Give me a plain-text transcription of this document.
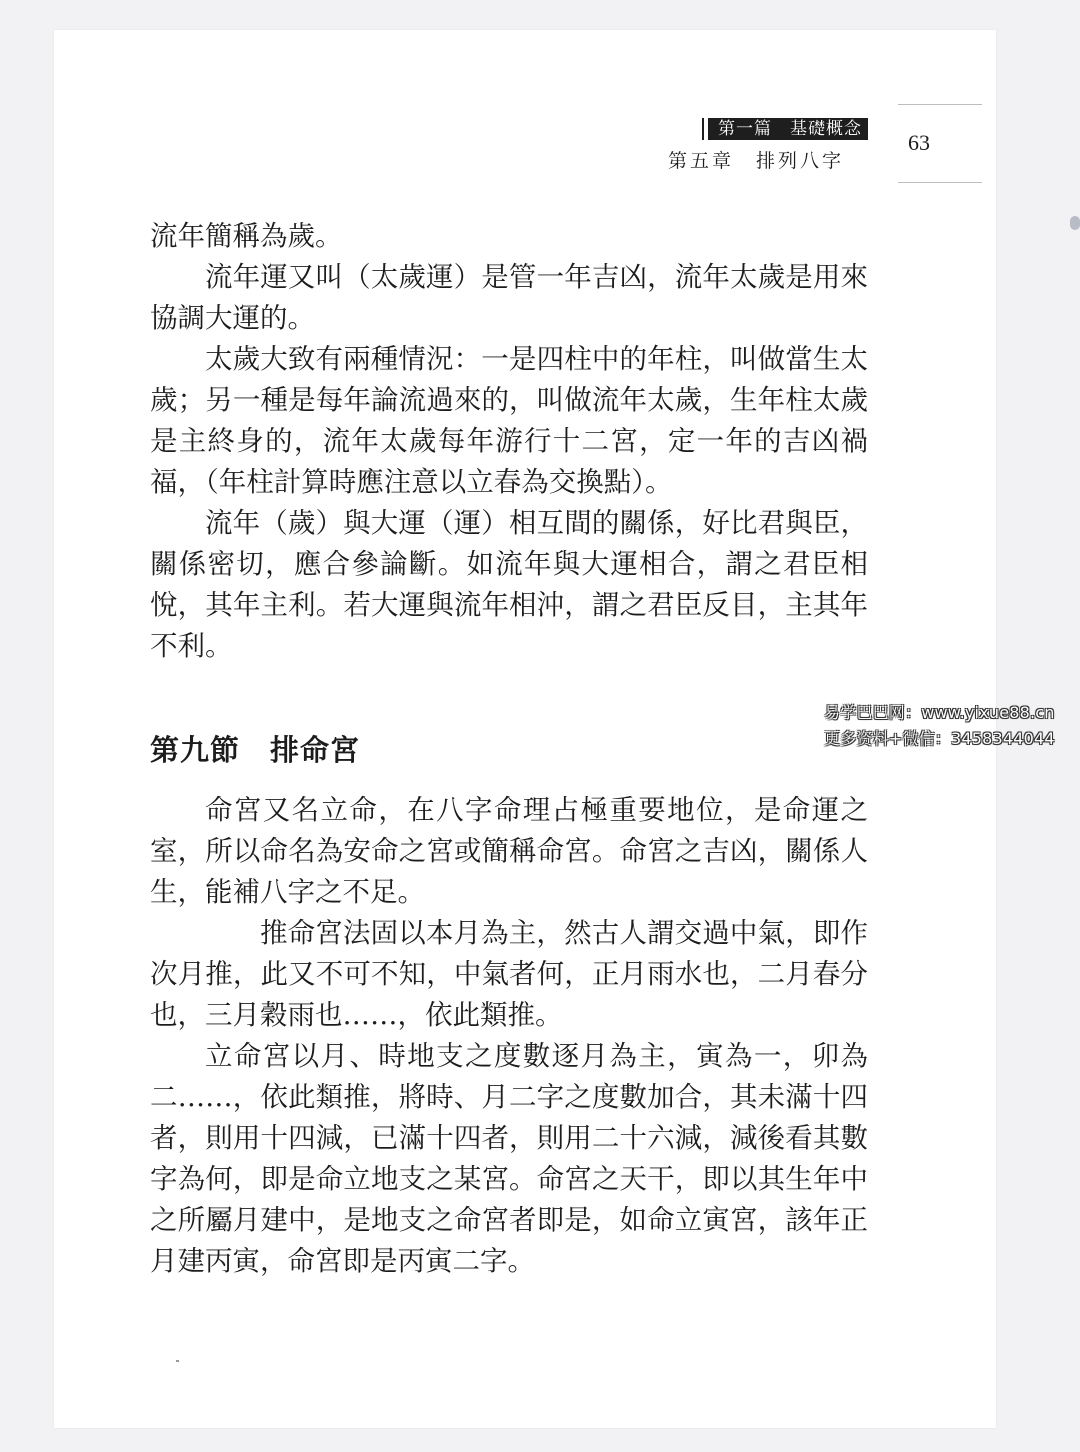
第一篇　基礎概念
第五章　排列八字
63

流年簡稱為歲。

流年運又叫（太歲運）是管一年吉凶，流年太歲是用來協調大運的。

太歲大致有兩種情況：一是四柱中的年柱，叫做當生太歲；另一種是每年論流過來的，叫做流年太歲，生年柱太歲是主終身的，流年太歲每年游行十二宮，定一年的吉凶禍福，（年柱計算時應注意以立春為交換點）。

流年（歲）與大運（運）相互間的關係，好比君與臣，關係密切，應合參論斷。如流年與大運相合，謂之君臣相悅，其年主利。若大運與流年相沖，謂之君臣反目，主其年不利。

第九節　排命宮

命宮又名立命，在八字命理占極重要地位，是命運之室，所以命名為安命之宮或簡稱命宮。命宮之吉凶，關係人生，能補八字之不足。

推命宮法固以本月為主，然古人謂交過中氣，即作次月推，此又不可不知，中氣者何，正月雨水也，二月春分也，三月穀雨也……，依此類推。

立命宮以月、時地支之度數逐月為主，寅為一，卯為二……，依此類推，將時、月二字之度數加合，其未滿十四者，則用十四減，已滿十四者，則用二十六減，減後看其數字為何，即是命立地支之某宮。命宮之天干，即以其生年中之所屬月建中，是地支之命宮者即是，如命立寅宮，該年正月建丙寅，命宮即是丙寅二字。

易学巴巴网：www.yixue88.cn
更多资料+微信：3458344044
